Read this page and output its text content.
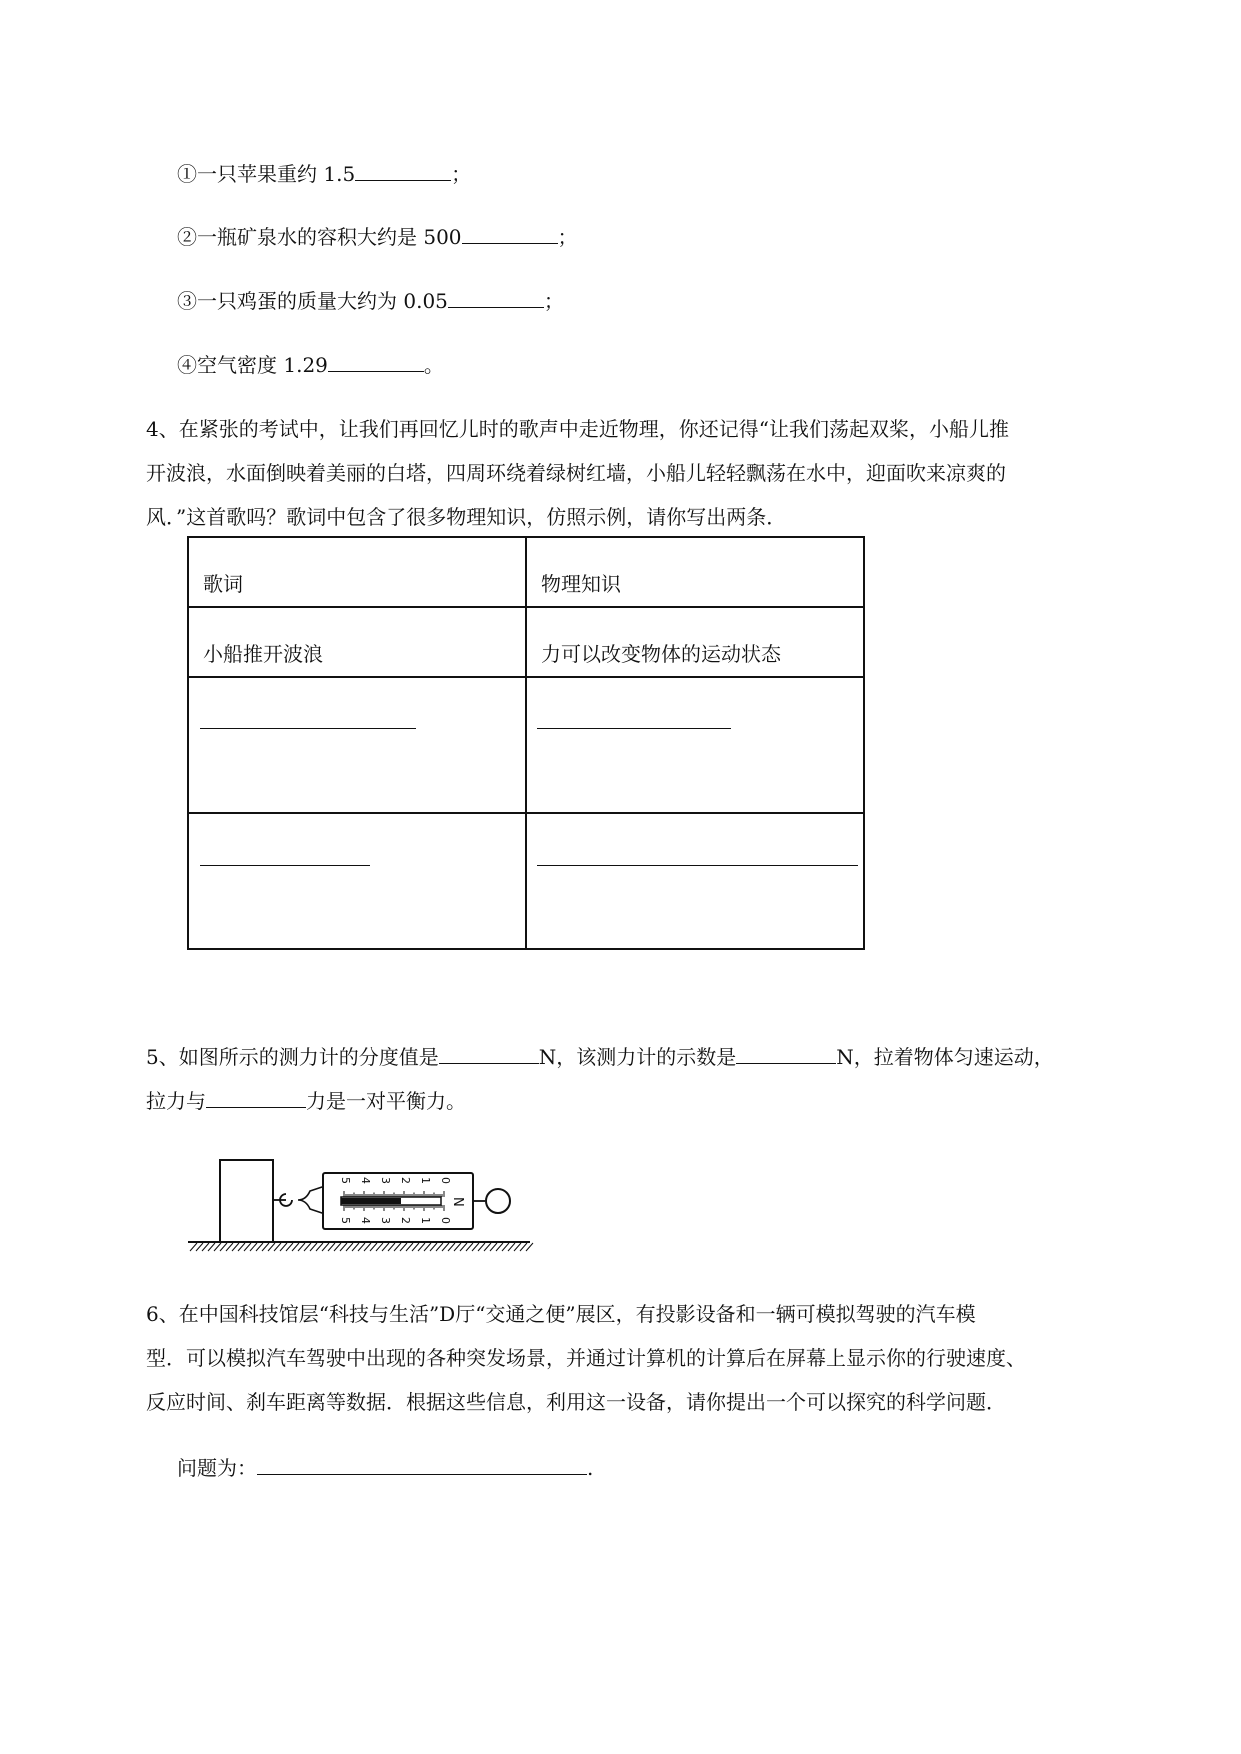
①一只苹果重约 1.5	；
②一瓶矿泉水的容积大约是 500	；
③一只鸡蛋的质量大约为 0.05	；
④空气密度 1.29	。
4、在紧张的考试中，让我们再回忆儿时的歌声中走近物理，你还记得“让我们荡起双桨，小船儿推
开波浪，水面倒映着美丽的白塔，四周环绕着绿树红墙，小船儿轻轻飘荡在水中，迎面吹来凉爽的
风．”这首歌吗？歌词中包含了很多物理知识，仿照示例，请你写出两条．
歌词	物理知识
小船推开波浪	力可以改变物体的运动状态

5、如图所示的测力计的分度值是	N，该测力计的示数是	N，拉着物体匀速运动，
拉力与	力是一对平衡力。
5 4 3 2 1 0
5 4 3 2 1 0
N
6、在中国科技馆层“科技与生活”D厅“交通之便”展区，有投影设备和一辆可模拟驾驶的汽车模
型．可以模拟汽车驾驶中出现的各种突发场景，并通过计算机的计算后在屏幕上显示你的行驶速度、
反应时间、刹车距离等数据．根据这些信息，利用这一设备，请你提出一个可以探究的科学问题．
问题为：	.
